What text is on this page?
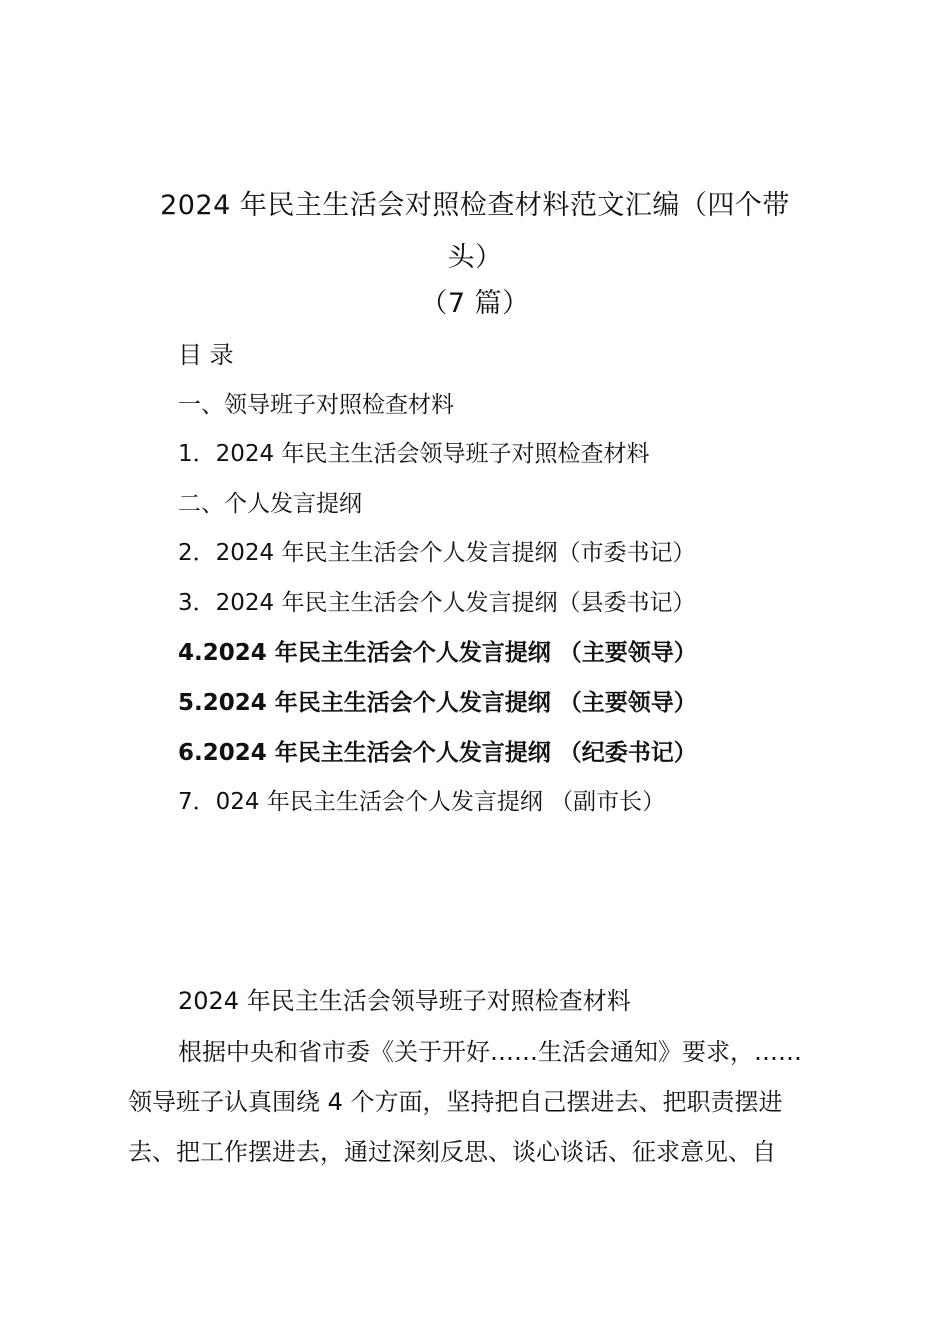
2024 年民主生活会对照检查材料范文汇编（四个带
头）
（7 篇）
目 录
一、领导班子对照检查材料
1．2024 年民主生活会领导班子对照检查材料
二、个人发言提纲
2．2024 年民主生活会个人发言提纲（市委书记）
3．2024 年民主生活会个人发言提纲（县委书记）
4.2024 年民主生活会个人发言提纲 （主要领导）
5.2024 年民主生活会个人发言提纲 （主要领导）
6.2024 年民主生活会个人发言提纲 （纪委书记）
7．024 年民主生活会个人发言提纲 （副市长）
2024 年民主生活会领导班子对照检查材料
根据中央和省市委《关于开好……生活会通知》要求，……
领导班子认真围绕 4 个方面，坚持把自己摆进去、把职责摆进
去、把工作摆进去，通过深刻反思、谈心谈话、征求意见、自
